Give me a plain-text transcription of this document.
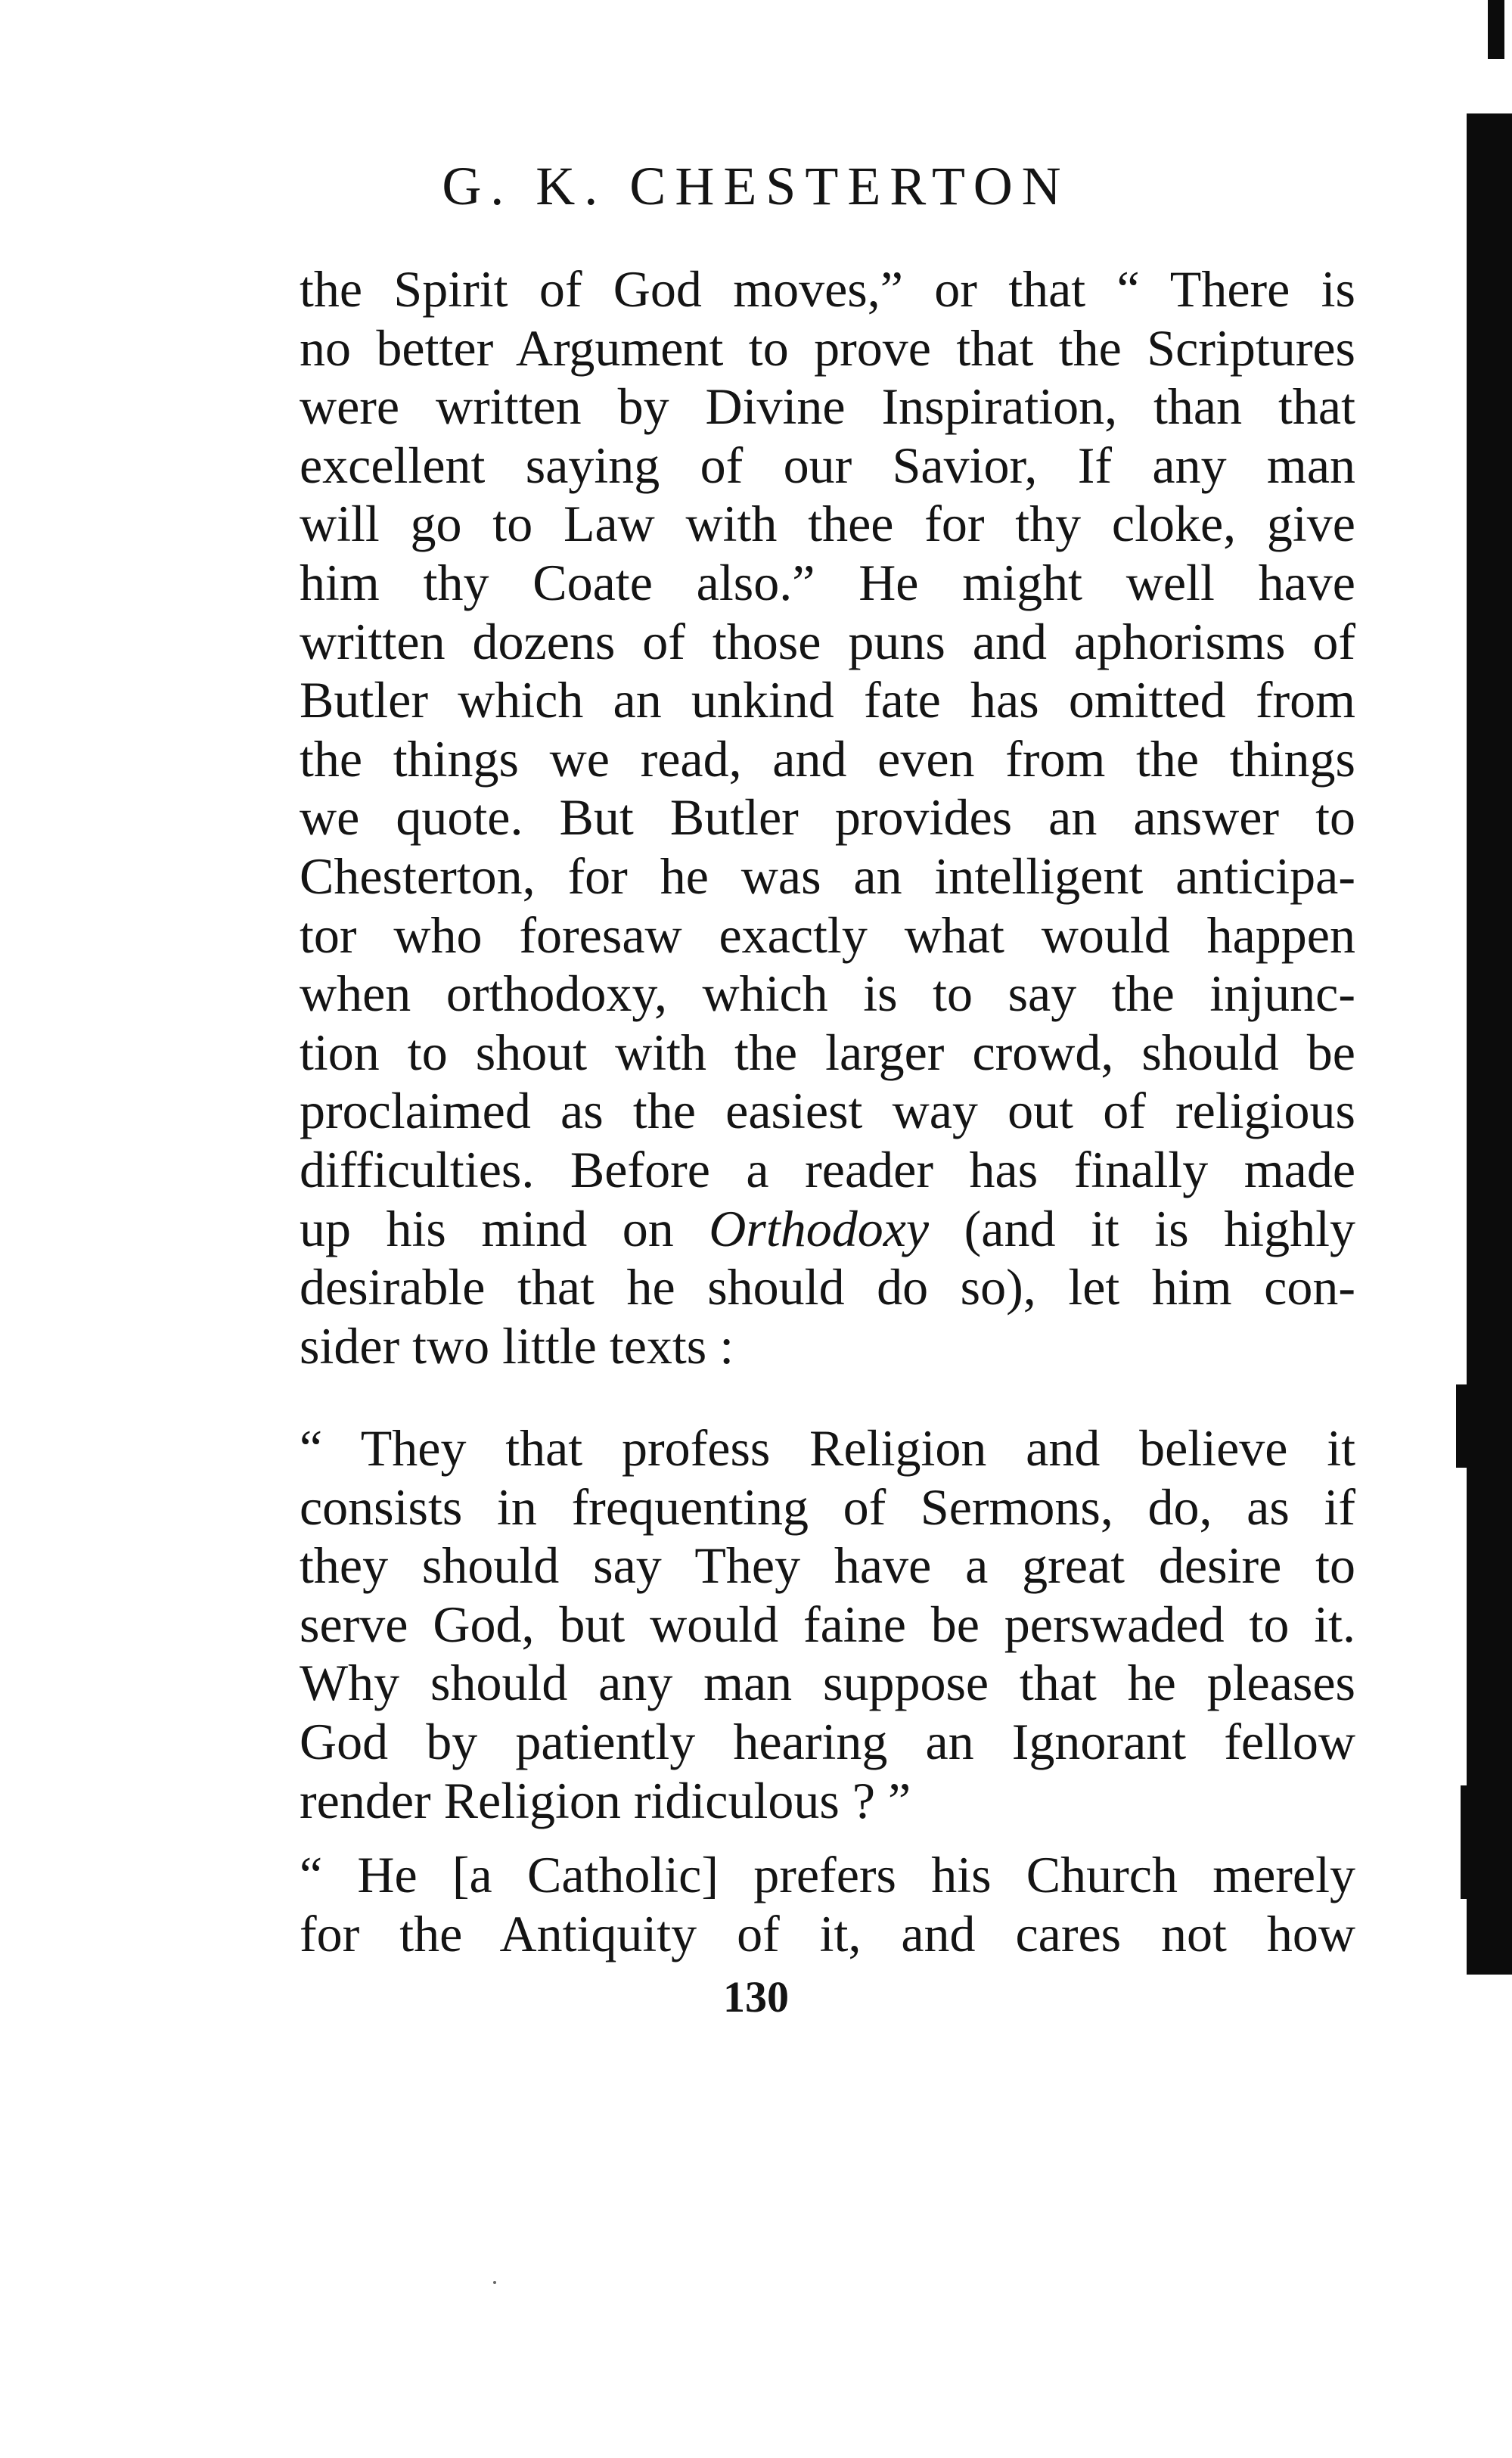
G. K. CHESTERTON
the Spirit of God moves,” or that “ There is
no better Argument to prove that the Scriptures
were written by Divine Inspiration, than that
excellent saying of our Savior, If any man
will go to Law with thee for thy cloke, give
him thy Coate also.” He might well have
written dozens of those puns and aphorisms of
Butler which an unkind fate has omitted from
the things we read, and even from the things
we quote. But Butler provides an answer to
Chesterton, for he was an intelligent anticipa-
tor who foresaw exactly what would happen
when orthodoxy, which is to say the injunc-
tion to shout with the larger crowd, should be
proclaimed as the easiest way out of religious
difficulties. Before a reader has finally made
up his mind on Orthodoxy (and it is highly
desirable that he should do so), let him con-
sider two little texts :
“ They that profess Religion and believe it
consists in frequenting of Sermons, do, as if
they should say They have a great desire to
serve God, but would faine be perswaded to it.
Why should any man suppose that he pleases
God by patiently hearing an Ignorant fellow
render Religion ridiculous ? ”
“ He [a Catholic] prefers his Church merely
for the Antiquity of it, and cares not how
130
